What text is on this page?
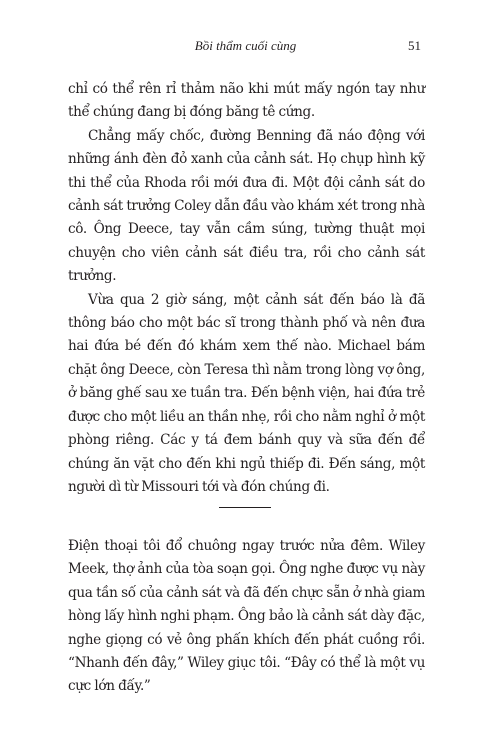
Bồi thẩm cuối cùng	51

chỉ có thể rên rỉ thảm não khi mút mấy ngón tay như thể chúng đang bị đóng băng tê cứng.

Chẳng mấy chốc, đường Benning đã náo động với những ánh đèn đỏ xanh của cảnh sát. Họ chụp hình kỹ thi thể của Rhoda rồi mới đưa đi. Một đội cảnh sát do cảnh sát trưởng Coley dẫn đầu vào khám xét trong nhà cô. Ông Deece, tay vẫn cầm súng, tường thuật mọi chuyện cho viên cảnh sát điều tra, rồi cho cảnh sát trưởng.

Vừa qua 2 giờ sáng, một cảnh sát đến báo là đã thông báo cho một bác sĩ trong thành phố và nên đưa hai đứa bé đến đó khám xem thế nào. Michael bám chặt ông Deece, còn Teresa thì nằm trong lòng vợ ông, ở băng ghế sau xe tuần tra. Đến bệnh viện, hai đứa trẻ được cho một liều an thần nhẹ, rồi cho nằm nghỉ ở một phòng riêng. Các y tá đem bánh quy và sữa đến để chúng ăn vặt cho đến khi ngủ thiếp đi. Đến sáng, một người dì từ Missouri tới và đón chúng đi.

Điện thoại tôi đổ chuông ngay trước nửa đêm. Wiley Meek, thợ ảnh của tòa soạn gọi. Ông nghe được vụ này qua tần số của cảnh sát và đã đến chực sẵn ở nhà giam hòng lấy hình nghi phạm. Ông bảo là cảnh sát dày đặc, nghe giọng có vẻ ông phấn khích đến phát cuồng rồi. “Nhanh đến đây,” Wiley giục tôi. “Đây có thể là một vụ cực lớn đấy.”
